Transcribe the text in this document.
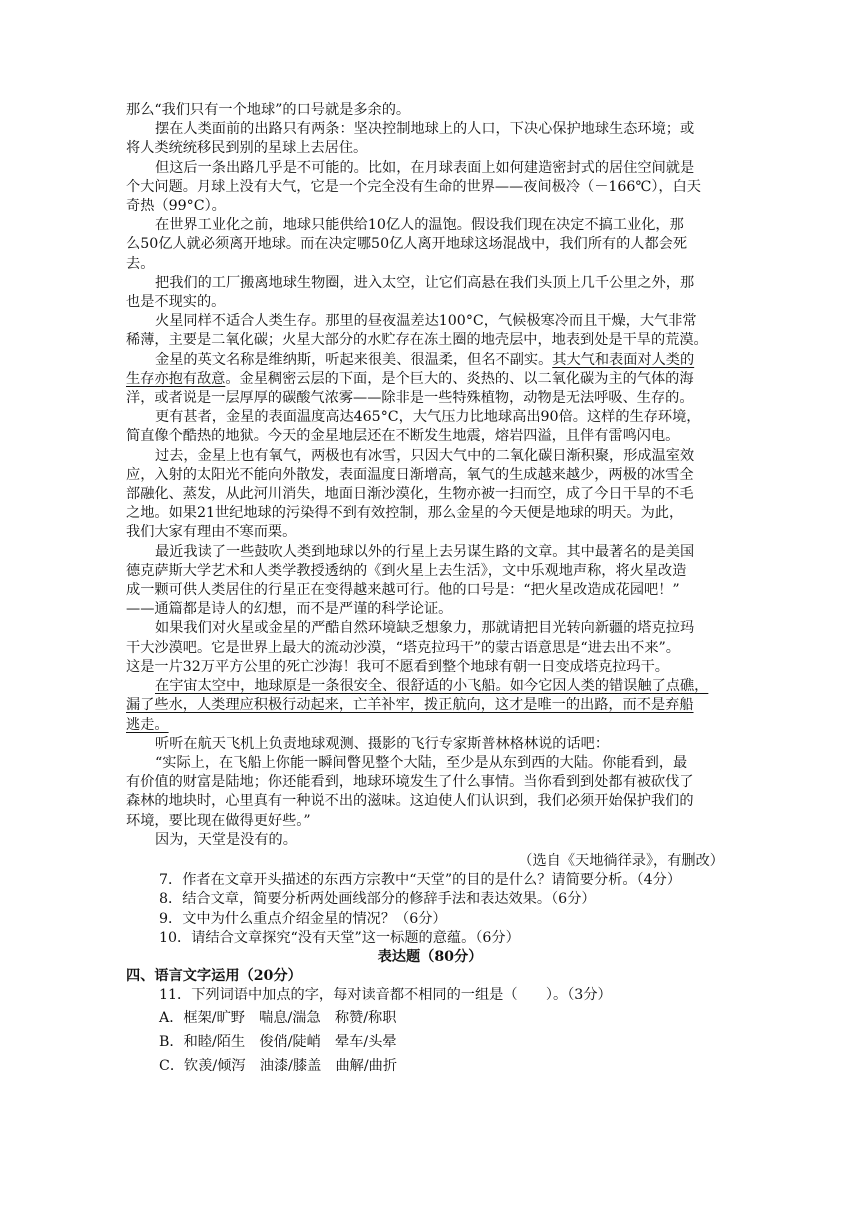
那么“我们只有一个地球”的口号就是多余的。

摆在人类面前的出路只有两条：坚决控制地球上的人口，下决心保护地球生态环境；或

将人类统统移民到别的星球上去居住。

但这后一条出路几乎是不可能的。比如，在月球表面上如何建造密封式的居住空间就是

个大问题。月球上没有大气，它是一个完全没有生命的世界——夜间极冷（－166℃），白天

奇热（99°C）。

在世界工业化之前，地球只能供给10亿人的温饱。假设我们现在决定不搞工业化，那

么50亿人就必须离开地球。而在决定哪50亿人离开地球这场混战中，我们所有的人都会死

去。

把我们的工厂搬离地球生物圈，进入太空，让它们高悬在我们头顶上几千公里之外，那

也是不现实的。

火星同样不适合人类生存。那里的昼夜温差达100°C，气候极寒冷而且干燥，大气非常

稀薄，主要是二氧化碳；火星大部分的水贮存在冻土圈的地壳层中，地表到处是干旱的荒漠。

金星的英文名称是维纳斯，听起来很美、很温柔，但名不副实。其大气和表面对人类的

生存亦抱有敌意。金星稠密云层的下面，是个巨大的、炎热的、以二氧化碳为主的气体的海

洋，或者说是一层厚厚的碳酸气浓雾——除非是一些特殊植物，动物是无法呼吸、生存的。

更有甚者，金星的表面温度高达465°C，大气压力比地球高出90倍。这样的生存环境，

简直像个酷热的地狱。今天的金星地层还在不断发生地震，熔岩四溢，且伴有雷鸣闪电。

过去，金星上也有氧气，两极也有冰雪，只因大气中的二氧化碳日渐积聚，形成温室效

应，入射的太阳光不能向外散发，表面温度日渐增高，氧气的生成越来越少，两极的冰雪全

部融化、蒸发，从此河川消失，地面日渐沙漠化，生物亦被一扫而空，成了今日干旱的不毛

之地。如果21世纪地球的污染得不到有效控制，那么金星的今天便是地球的明天。为此，

我们大家有理由不寒而栗。

最近我读了一些鼓吹人类到地球以外的行星上去另谋生路的文章。其中最著名的是美国

德克萨斯大学艺术和人类学教授透纳的《到火星上去生活》，文中乐观地声称，将火星改造

成一颗可供人类居住的行星正在变得越来越可行。他的口号是：“把火星改造成花园吧！”

——通篇都是诗人的幻想，而不是严谨的科学论证。

如果我们对火星或金星的严酷自然环境缺乏想象力，那就请把目光转向新疆的塔克拉玛

干大沙漠吧。它是世界上最大的流动沙漠，“塔克拉玛干”的蒙古语意思是“进去出不来”。

这是一片32万平方公里的死亡沙海！我可不愿看到整个地球有朝一日变成塔克拉玛干。

在宇宙太空中，地球原是一条很安全、很舒适的小飞船。如今它因人类的错误触了点礁，

漏了些水，人类理应积极行动起来，亡羊补牢，拨正航向，这才是唯一的出路，而不是弃船

逃走。

听听在航天飞机上负责地球观测、摄影的飞行专家斯普林格林说的话吧：

“实际上，在飞船上你能一瞬间瞥见整个大陆，至少是从东到西的大陆。你能看到，最

有价值的财富是陆地；你还能看到，地球环境发生了什么事情。当你看到到处都有被砍伐了

森林的地块时，心里真有一种说不出的滋味。这迫使人们认识到，我们必须开始保护我们的

环境，要比现在做得更好些。”

因为，天堂是没有的。

（选自《天地徜徉录》，有删改）

7．作者在文章开头描述的东西方宗教中“天堂”的目的是什么？请简要分析。（4分）

8．结合文章，简要分析两处画线部分的修辞手法和表达效果。（6分）

9．文中为什么重点介绍金星的情况？（6分）

10．请结合文章探究“没有天堂”这一标题的意蕴。（6分）

表达题（80分）

四、语言文字运用（20分）

11．下列词语中加点的字，每对读音都不相同的一组是（　　）。（3分）

A．框架/旷野　喘息/湍急　称赞/称职

B．和睦/陌生　俊俏/陡峭　晕车/头晕

C．钦羡/倾泻　油漆/膝盖　曲解/曲折
